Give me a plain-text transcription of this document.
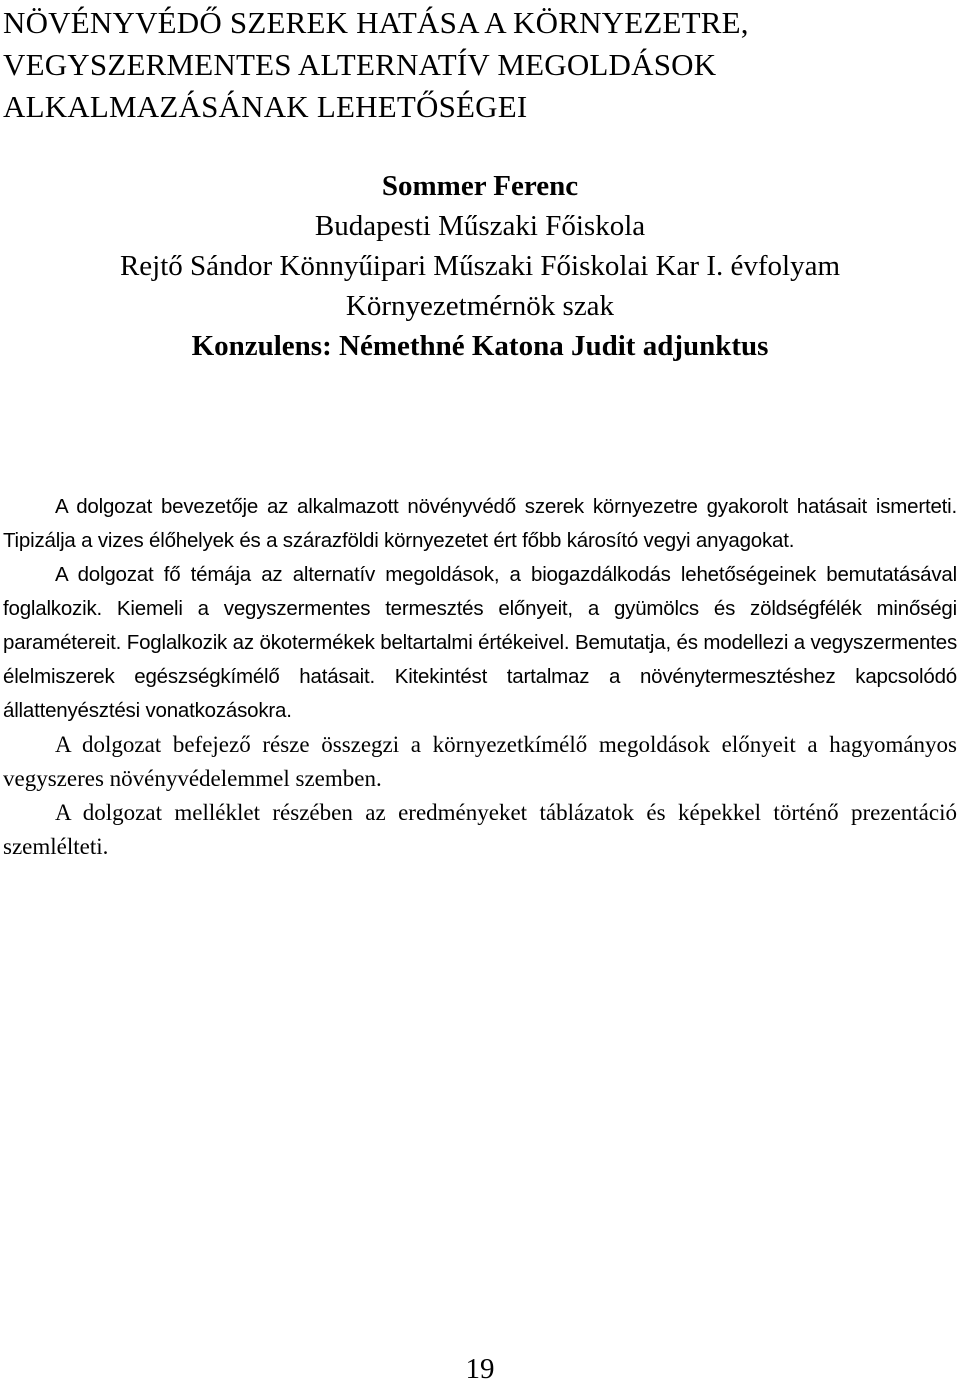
NÖVÉNYVÉDŐ SZEREK HATÁSA A KÖRNYEZETRE,
VEGYSZERMENTES ALTERNATÍV MEGOLDÁSOK
ALKALMAZÁSÁNAK LEHETŐSÉGEI
Sommer Ferenc
Budapesti Műszaki Főiskola
Rejtő Sándor Könnyűipari Műszaki Főiskolai Kar I. évfolyam
Környezetmérnök szak
Konzulens: Némethné Katona Judit adjunktus

A dolgozat bevezetője az alkalmazott növényvédő szerek környezetre gyakorolt hatásait ismerteti. Tipizálja a vizes élőhelyek és a szárazföldi környezetet ért főbb károsító vegyi anyagokat.

A dolgozat fő témája az alternatív megoldások, a biogazdálkodás lehetőségeinek bemutatásával foglalkozik. Kiemeli a vegyszermentes termesztés előnyeit, a gyümölcs és zöldségfélék minőségi paramétereit. Foglalkozik az ökotermékek beltartalmi értékeivel. Bemutatja, és modellezi a vegyszermentes élelmiszerek egészségkímélő hatásait. Kitekintést tartalmaz a növénytermesztéshez kapcsolódó állattenyésztési vonatkozásokra.

A dolgozat befejező része összegzi a környezetkímélő megoldások előnyeit a hagyományos vegyszeres növényvédelemmel szemben.

A dolgozat melléklet részében az eredményeket táblázatok és képekkel történő prezentáció szemlélteti.

19
